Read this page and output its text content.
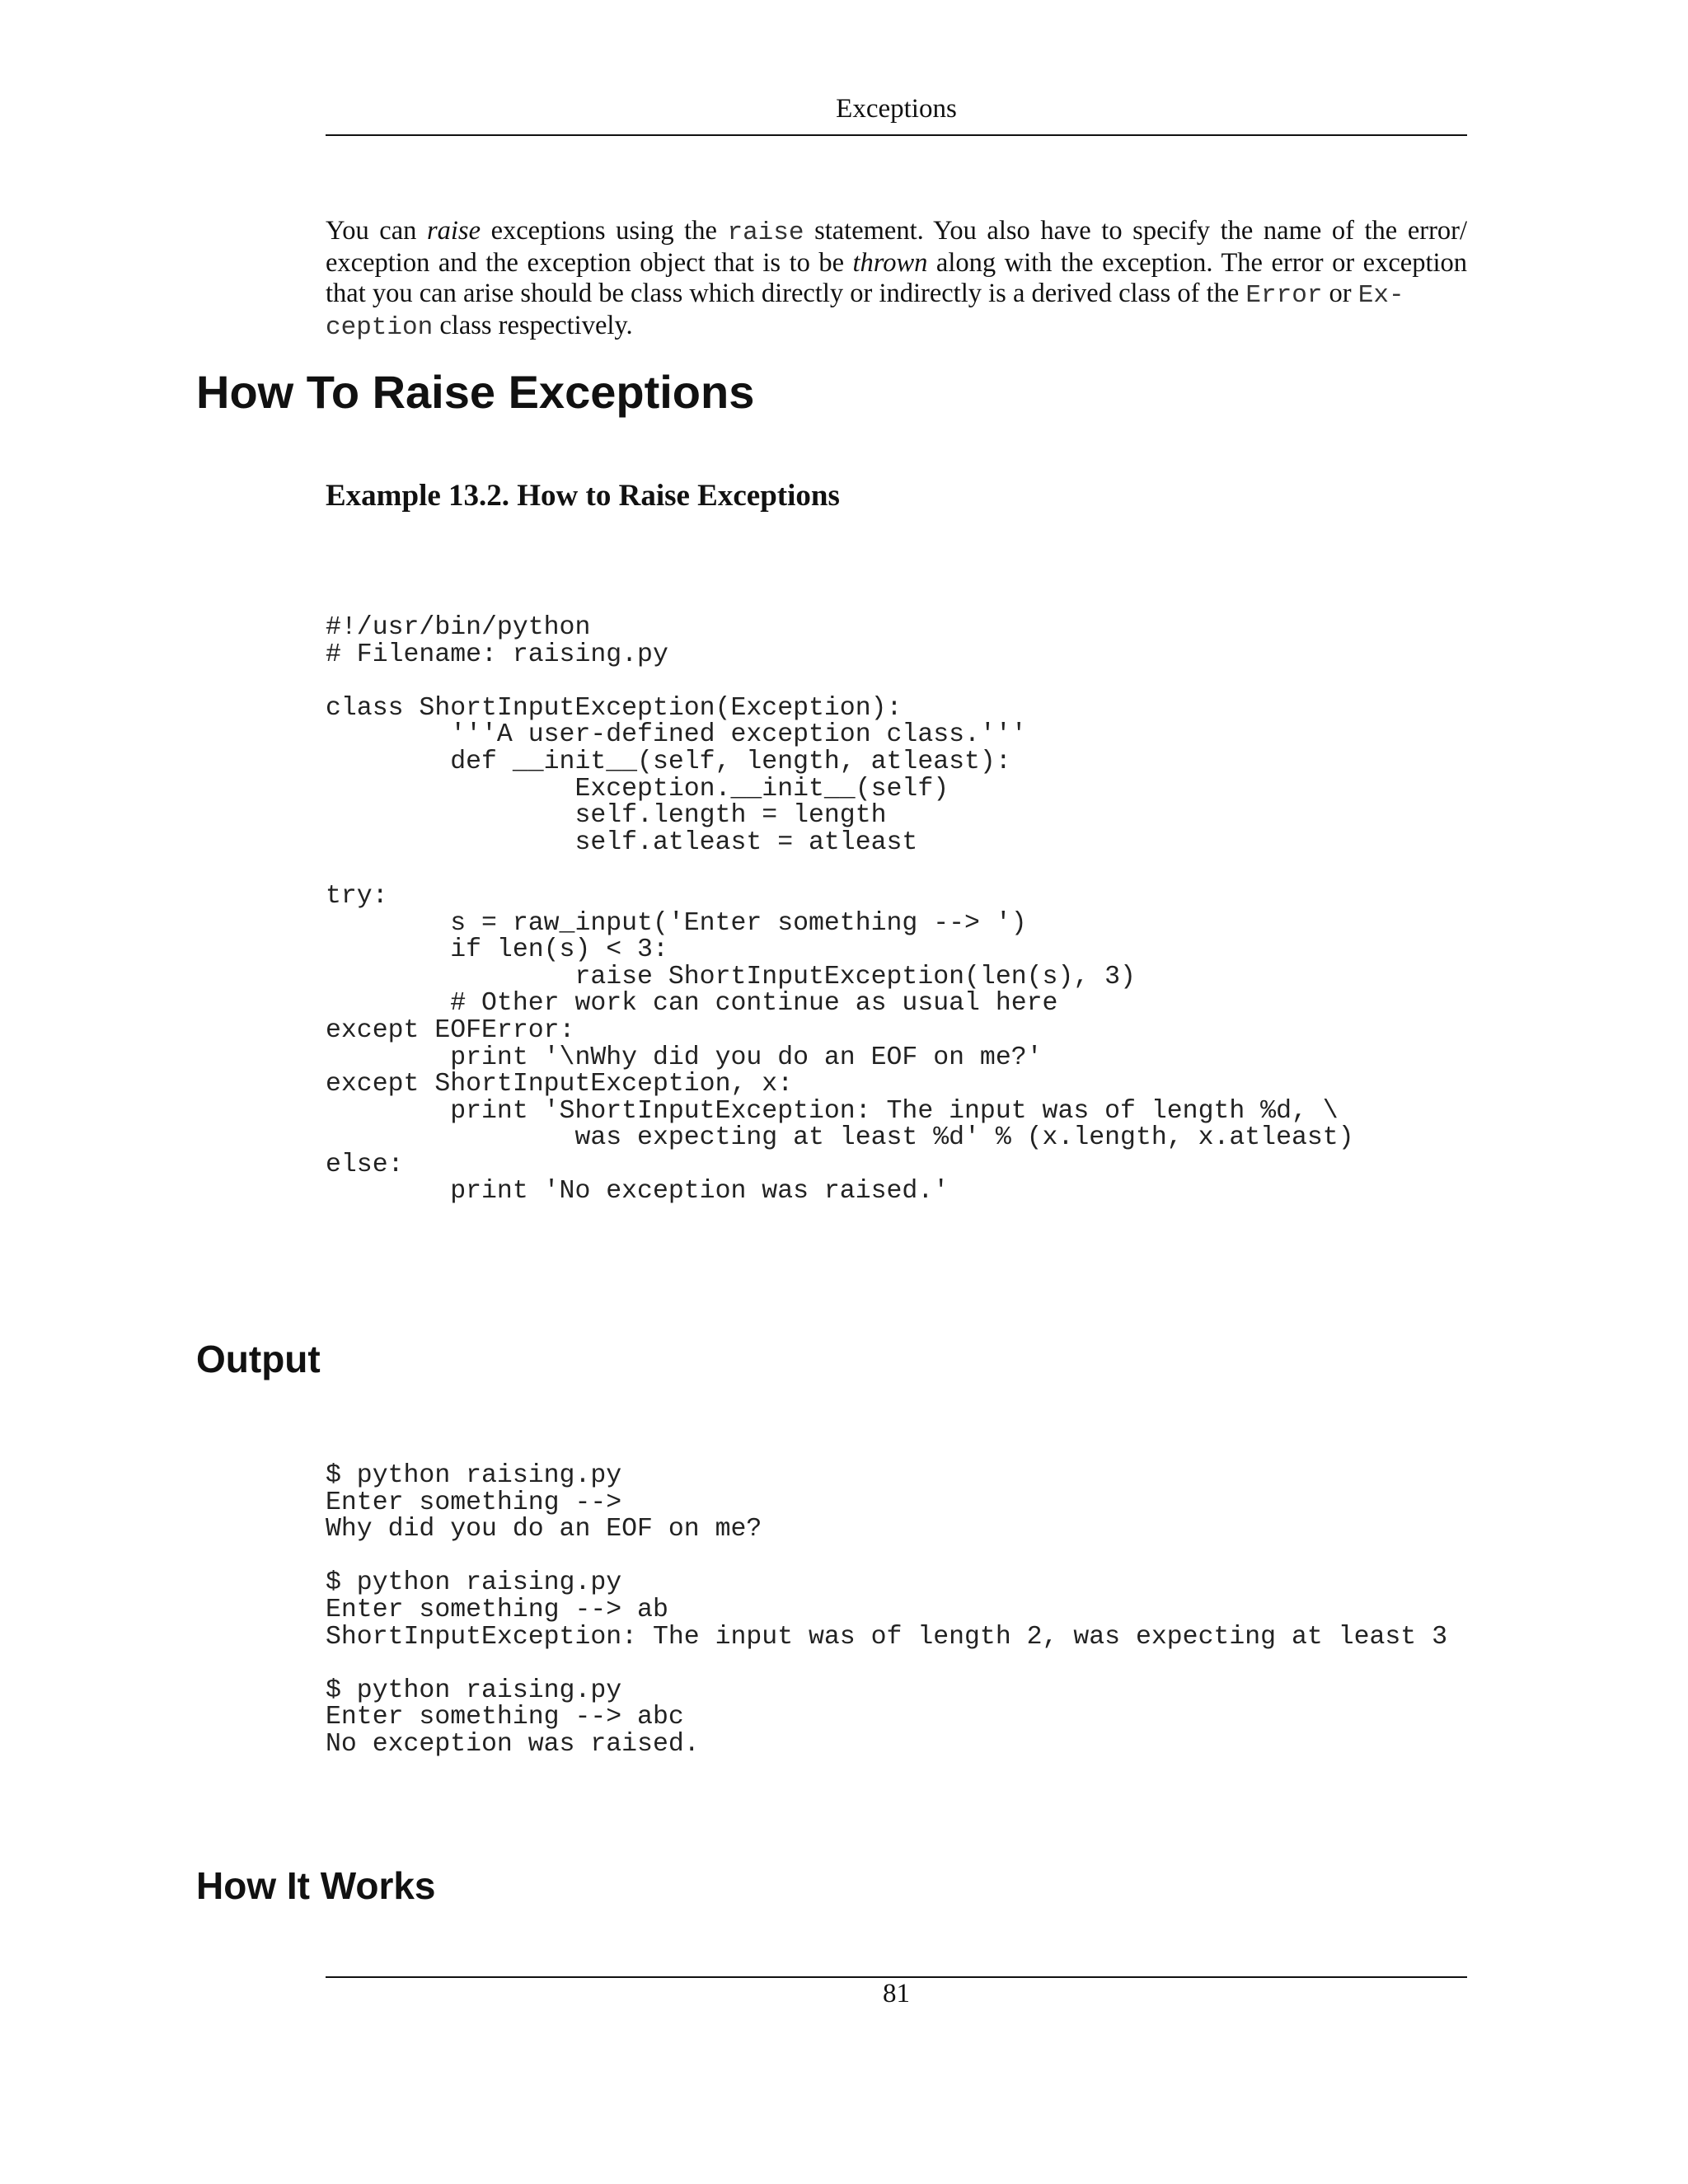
Exceptions

You can raise exceptions using the raise statement. You also have to specify the name of the error/ exception and the exception object that is to be thrown along with the exception. The error or exception that you can arise should be class which directly or indirectly is a derived class of the Error or Ex-
ception class respectively.

How To Raise Exceptions
Example 13.2. How to Raise Exceptions
#!/usr/bin/python
# Filename: raising.py

class ShortInputException(Exception):
'''A user-defined exception class.'''
def __init__(self, length, atleast):
Exception.__init__(self)
self.length = length
self.atleast = atleast

try:
s = raw_input('Enter something --> ')
if len(s) < 3:
raise ShortInputException(len(s), 3)
# Other work can continue as usual here
except EOFError:
print '\nWhy did you do an EOF on me?'
except ShortInputException, x:
print 'ShortInputException: The input was of length %d, \
was expecting at least %d' % (x.length, x.atleast)
else:
print 'No exception was raised.'
Output
$ python raising.py
Enter something -->
Why did you do an EOF on me?

$ python raising.py
Enter something --> ab
ShortInputException: The input was of length 2, was expecting at least 3

$ python raising.py
Enter something --> abc
No exception was raised.
How It Works
81
